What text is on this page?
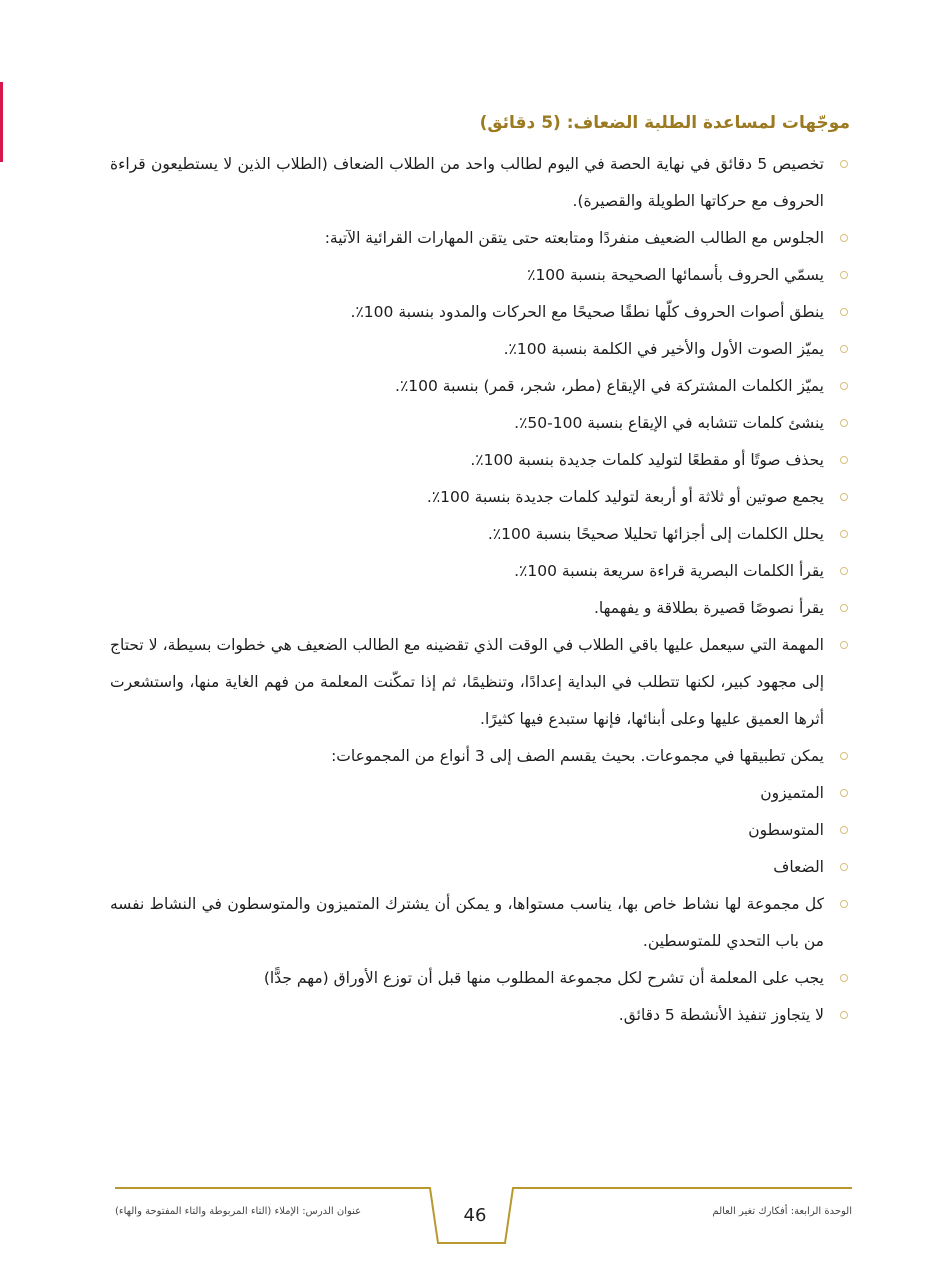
موجّهات لمساعدة الطلبة الضعاف: (5 دقائق)
تخصيص 5 دقائق في نهاية الحصة في اليوم لطالب واحد من الطلاب الضعاف (الطلاب الذين لا يستطيعون قراءة الحروف مع حركاتها الطويلة والقصيرة).
الجلوس مع الطالب الضعيف منفردًا ومتابعته حتى يتقن المهارات القرائية الآتية:
يسمّي الحروف بأسمائها الصحيحة بنسبة 100٪
ينطق أصوات الحروف كلّها نطقًا صحيحًا مع الحركات والمدود بنسبة 100٪.
يميّز الصوت الأول والأخير في الكلمة بنسبة 100٪.
يميّز الكلمات المشتركة في الإيقاع (مطر، شجر، قمر) بنسبة 100٪.
ينشئ كلمات تتشابه في الإيقاع بنسبة 100-50٪.
يحذف صوتًا أو مقطعًا لتوليد كلمات جديدة بنسبة 100٪.
يجمع صوتين أو ثلاثة أو أربعة لتوليد كلمات جديدة بنسبة 100٪.
يحلل الكلمات إلى أجزائها تحليلا صحيحًا بنسبة 100٪.
يقرأ الكلمات البصرية قراءة سريعة بنسبة 100٪.
يقرأ نصوصًا قصيرة بطلاقة و يفهمها.
المهمة التي سيعمل عليها باقي الطلاب في الوقت الذي تقضينه مع الطالب الضعيف هي خطوات بسيطة، لا تحتاج إلى مجهود كبير، لكنها تتطلب في البداية إعدادًا، وتنظيمًا، ثم إذا تمكّنت المعلمة من فهم الغاية منها، واستشعرت أثرها العميق عليها وعلى أبنائها، فإنها ستبدع فيها كثيرًا.
يمكن تطبيقها في مجموعات. بحيث يقسم الصف إلى 3 أنواع من المجموعات:
المتميزون
المتوسطون
الضعاف
كل مجموعة لها نشاط خاص بها، يناسب مستواها، و يمكن أن يشترك المتميزون والمتوسطون في النشاط نفسه من باب التحدي للمتوسطين.
يجب على المعلمة أن تشرح لكل مجموعة المطلوب منها قبل أن توزع الأوراق (مهم جدًّا)
لا يتجاوز تنفيذ الأنشطة 5 دقائق.
عنوان الدرس: الإملاء (التاء المربوطة والتاء المفتوحة والهاء)	46	الوحدة الرابعة: أفكارك تغير العالم
